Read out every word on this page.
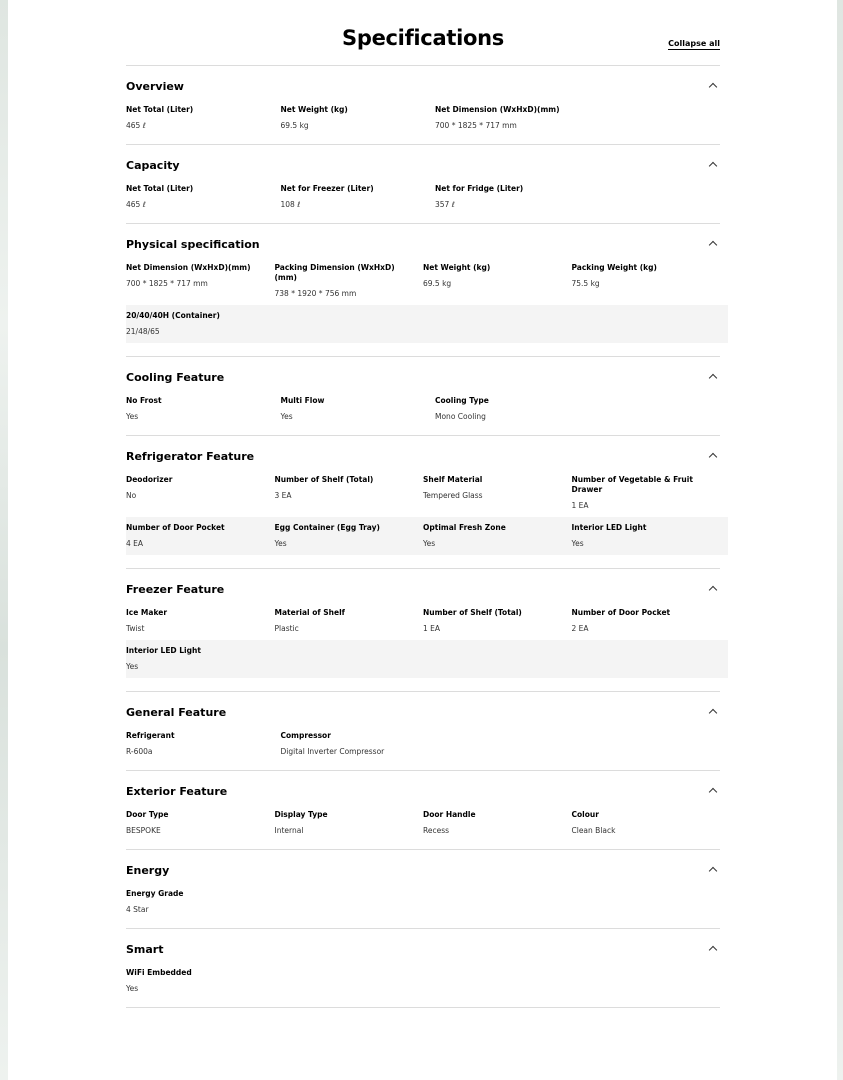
Specifications	Collapse all
Overview
Net Total (Liter)
465 ℓ
Net Weight (kg)
69.5 kg
Net Dimension (WxHxD)(mm)
700 * 1825 * 717 mm
Capacity
Net Total (Liter)
465 ℓ
Net for Freezer (Liter)
108 ℓ
Net for Fridge (Liter)
357 ℓ
Physical specification
Net Dimension (WxHxD)(mm)
700 * 1825 * 717 mm
Packing Dimension (WxHxD)(mm)
738 * 1920 * 756 mm
Net Weight (kg)
69.5 kg
Packing Weight (kg)
75.5 kg
20/40/40H (Container)
21/48/65
Cooling Feature
No Frost
Yes
Multi Flow
Yes
Cooling Type
Mono Cooling
Refrigerator Feature
Deodorizer
No
Number of Shelf (Total)
3 EA
Shelf Material
Tempered Glass
Number of Vegetable & Fruit Drawer
1 EA
Number of Door Pocket
4 EA
Egg Container (Egg Tray)
Yes
Optimal Fresh Zone
Yes
Interior LED Light
Yes
Freezer Feature
Ice Maker
Twist
Material of Shelf
Plastic
Number of Shelf (Total)
1 EA
Number of Door Pocket
2 EA
Interior LED Light
Yes
General Feature
Refrigerant
R-600a
Compressor
Digital Inverter Compressor
Exterior Feature
Door Type
BESPOKE
Display Type
Internal
Door Handle
Recess
Colour
Clean Black
Energy
Energy Grade
4 Star
Smart
WiFi Embedded
Yes
